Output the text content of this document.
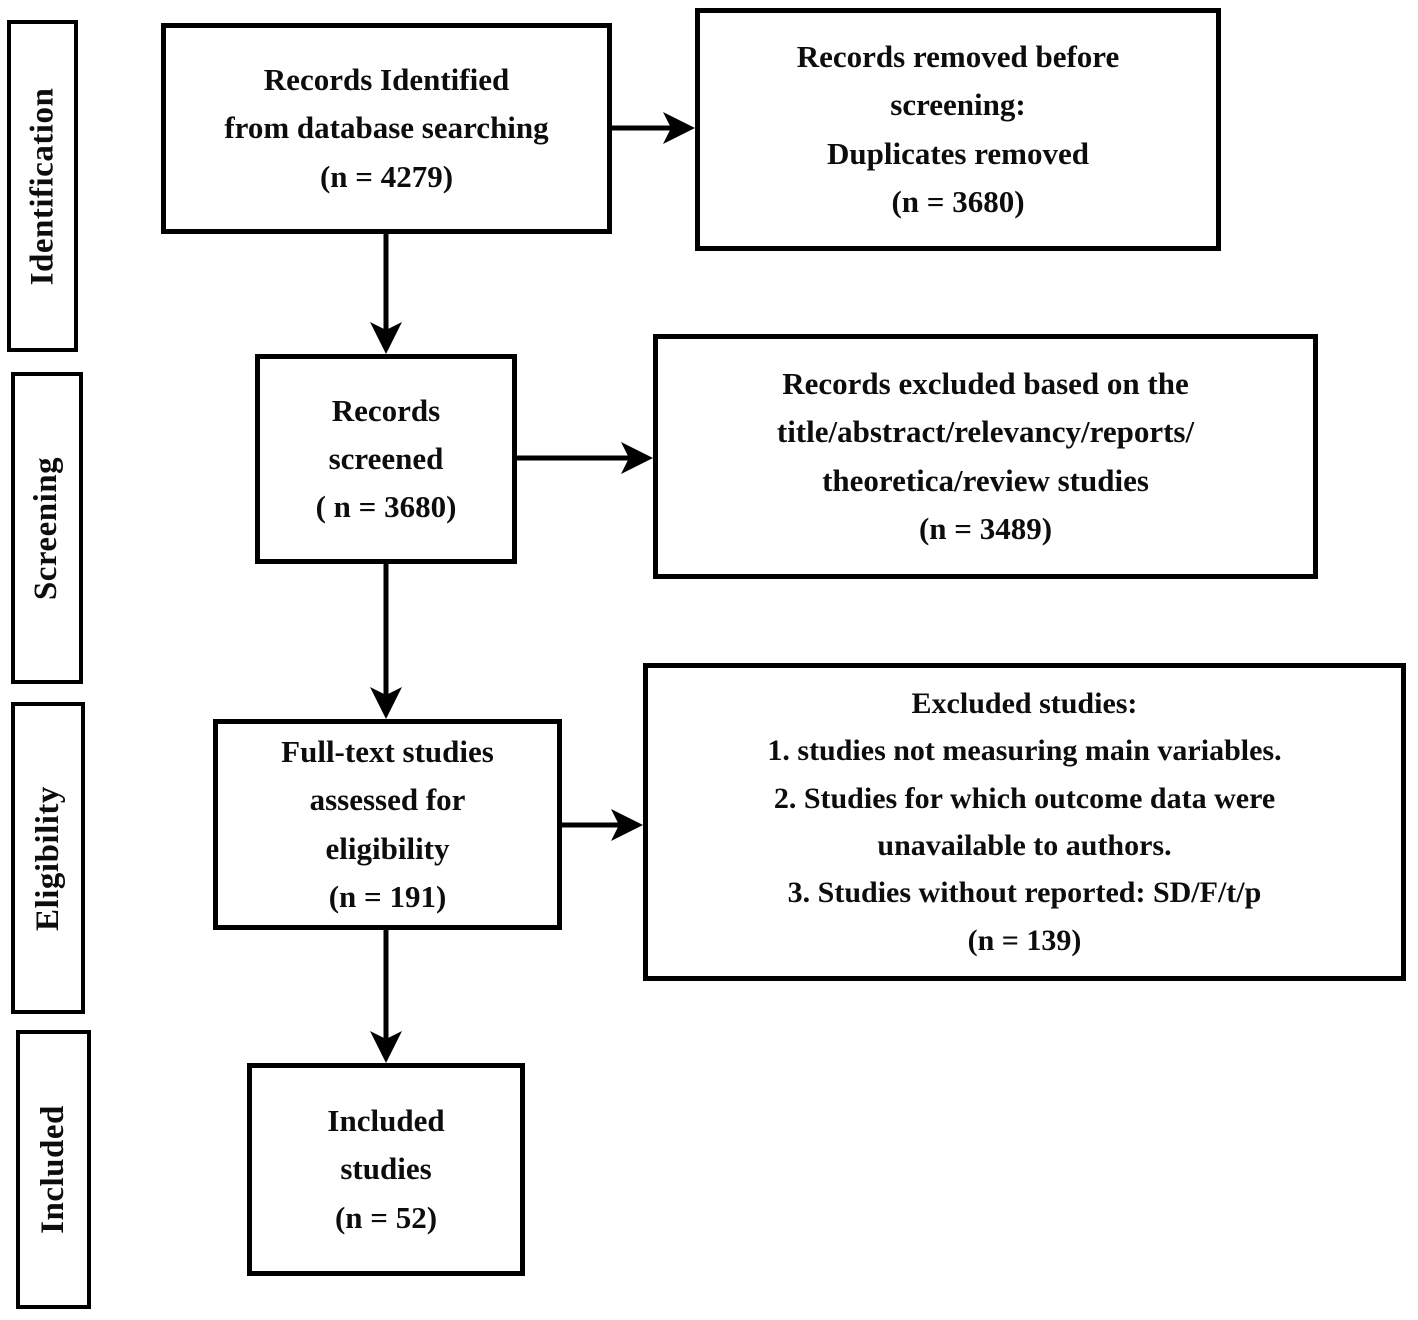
Identification
Screening
Eligibility
Included
Records Identified
from database searching
(n = 4279)
Records removed before
screening:
Duplicates removed
(n = 3680)
Records
screened
( n = 3680)
Records excluded based on the
title/abstract/relevancy/reports/
theoretica/review studies
(n = 3489)
Full-text studies
assessed for
eligibility
(n = 191)
Excluded studies:
1. studies not measuring main variables.
2. Studies for which outcome data were
unavailable to authors.
3. Studies without reported: SD/F/t/p
(n = 139)
Included
studies
(n = 52)
